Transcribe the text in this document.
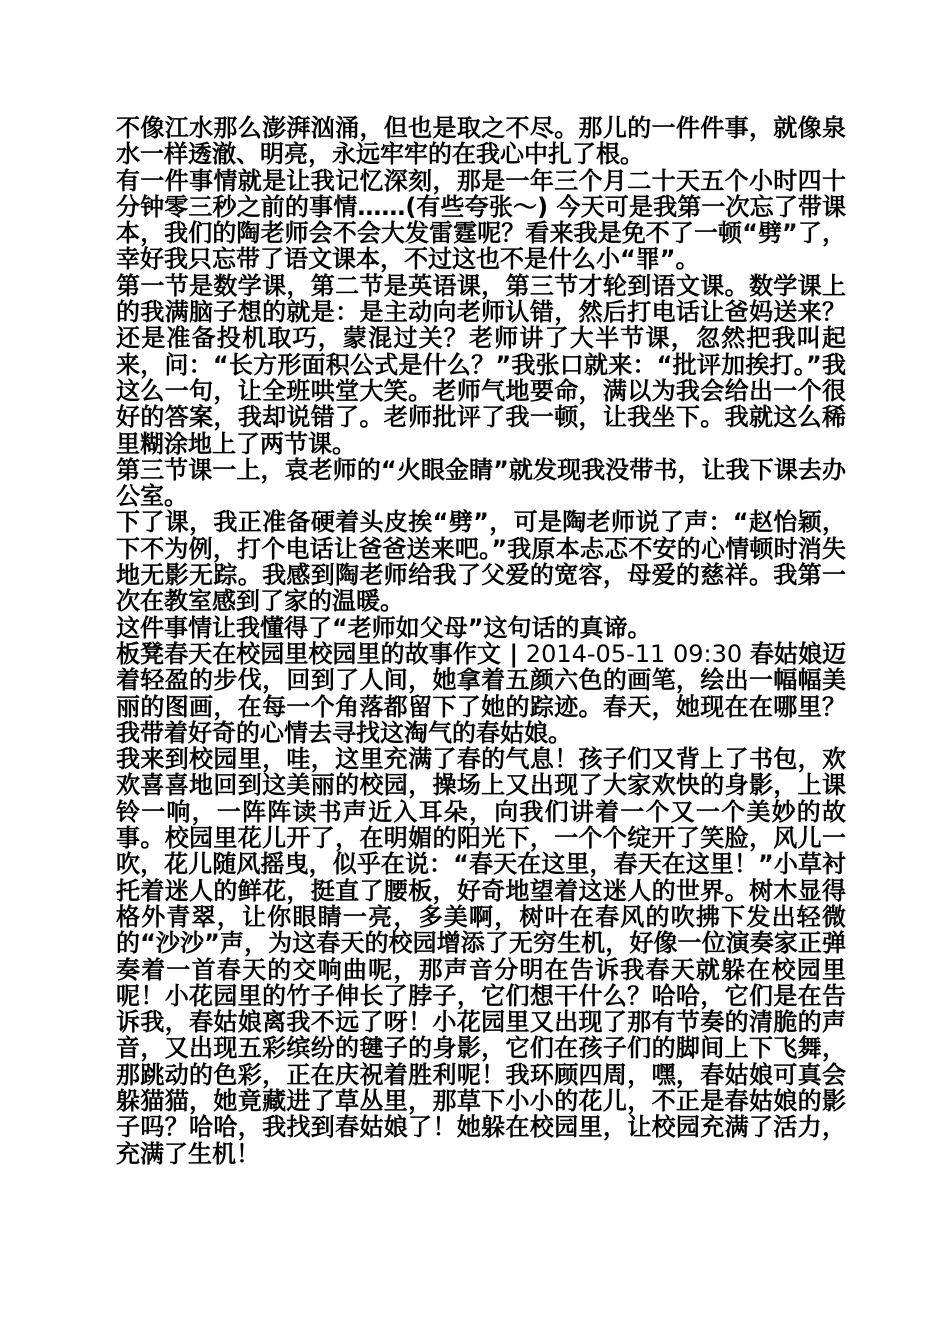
不像江水那么澎湃汹涌，但也是取之不尽。那儿的一件件事，就像泉水一样透澈、明亮，永远牢牢的在我心中扎了根。

有一件事情就是让我记忆深刻，那是一年三个月二十天五个小时四十分钟零三秒之前的事情……(有些夸张～) 今天可是我第一次忘了带课本，我们的陶老师会不会大发雷霆呢？看来我是免不了一顿“劈”了，幸好我只忘带了语文课本，不过这也不是什么小“罪”。

第一节是数学课，第二节是英语课，第三节才轮到语文课。数学课上的我满脑子想的就是：是主动向老师认错，然后打电话让爸妈送来？还是准备投机取巧，蒙混过关？老师讲了大半节课，忽然把我叫起来，问：“长方形面积公式是什么？”我张口就来：“批评加挨打。”我这么一句，让全班哄堂大笑。老师气地要命，满以为我会给出一个很好的答案，我却说错了。老师批评了我一顿，让我坐下。我就这么稀里糊涂地上了两节课。

第三节课一上，袁老师的“火眼金睛”就发现我没带书，让我下课去办公室。

下了课，我正准备硬着头皮挨“劈”，可是陶老师说了声：“赵怡颖，下不为例，打个电话让爸爸送来吧。”我原本忐忑不安的心情顿时消失地无影无踪。我感到陶老师给我了父爱的宽容，母爱的慈祥。我第一次在教室感到了家的温暖。

这件事情让我懂得了“老师如父母”这句话的真谛。

板凳春天在校园里校园里的故事作文 | 2014-05-11 09:30 春姑娘迈着轻盈的步伐，回到了人间，她拿着五颜六色的画笔，绘出一幅幅美丽的图画，在每一个角落都留下了她的踪迹。春天，她现在在哪里？我带着好奇的心情去寻找这淘气的春姑娘。

我来到校园里，哇，这里充满了春的气息！孩子们又背上了书包，欢欢喜喜地回到这美丽的校园，操场上又出现了大家欢快的身影，上课铃一响，一阵阵读书声近入耳朵，向我们讲着一个又一个美妙的故事。校园里花儿开了，在明媚的阳光下，一个个绽开了笑脸，风儿一吹，花儿随风摇曳，似乎在说：“春天在这里，春天在这里！”小草衬托着迷人的鲜花，挺直了腰板，好奇地望着这迷人的世界。树木显得格外青翠，让你眼睛一亮，多美啊，树叶在春风的吹拂下发出轻微的“沙沙”声，为这春天的校园增添了无穷生机，好像一位演奏家正弹奏着一首春天的交响曲呢，那声音分明在告诉我春天就躲在校园里呢！小花园里的竹子伸长了脖子，它们想干什么？哈哈，它们是在告诉我，春姑娘离我不远了呀！小花园里又出现了那有节奏的清脆的声音，又出现五彩缤纷的毽子的身影，它们在孩子们的脚间上下飞舞，那跳动的色彩，正在庆祝着胜利呢！我环顾四周，嘿，春姑娘可真会躲猫猫，她竟藏进了草丛里，那草下小小的花儿，不正是春姑娘的影子吗？哈哈，我找到春姑娘了！她躲在校园里，让校园充满了活力，充满了生机！
